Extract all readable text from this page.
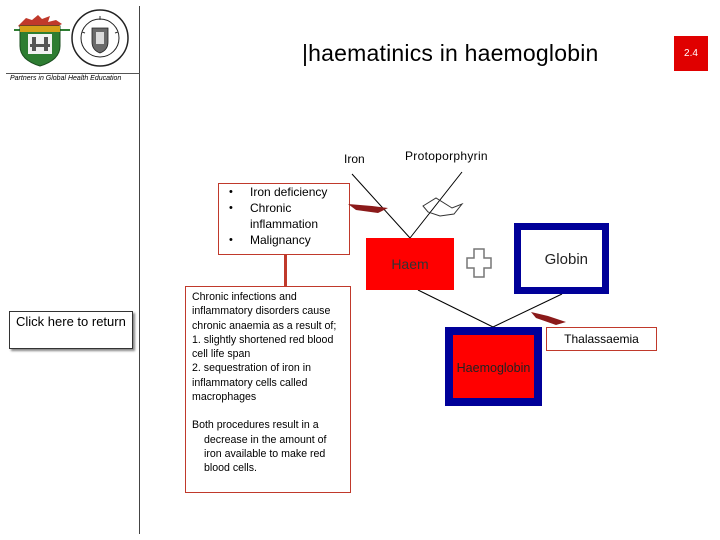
|haematinics in haemoglobin
Partners in Global Health Education
2.4
Click here to return
• Iron deficiency
• Chronic inflammation
• Malignancy

Chronic infections and inflammatory disorders cause chronic anaemia as a result of;

1. slightly shortened red blood cell life span

2. sequestration of iron in inflammatory cells called macrophages

Both procedures result in a decrease in the amount of iron available to make red blood cells.

Iron	Protoporphyrin
Haem	Globin
Haemoglobin
Thalassaemia
